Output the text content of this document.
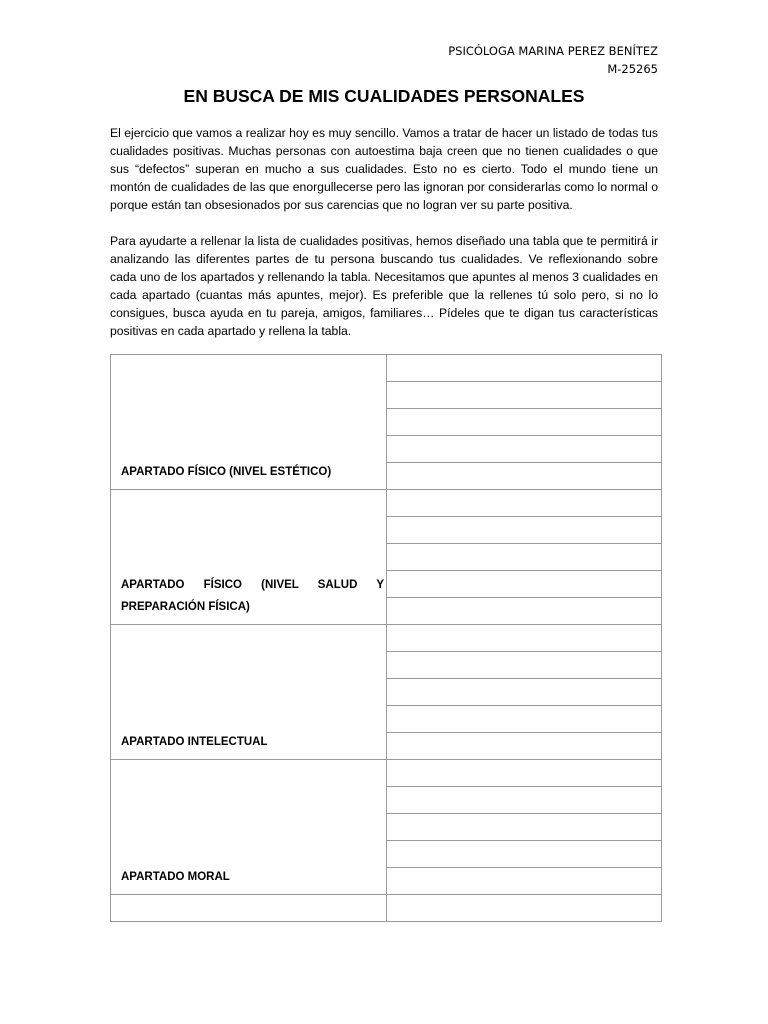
PSICÓLOGA MARINA PEREZ BENÍTEZ
M-25265
EN BUSCA DE MIS CUALIDADES PERSONALES

El ejercicio que vamos a realizar hoy es muy sencillo. Vamos a tratar de hacer un listado de todas tus cualidades positivas. Muchas personas con autoestima baja creen que no tienen cualidades o que sus “defectos” superan en mucho a sus cualidades. Esto no es cierto. Todo el mundo tiene un montón de cualidades de las que enorgullecerse pero las ignoran por considerarlas como lo normal o porque están tan obsesionados por sus carencias que no logran ver su parte positiva.

Para ayudarte a rellenar la lista de cualidades positivas, hemos diseñado una tabla que te permitirá ir analizando las diferentes partes de tu persona buscando tus cualidades. Ve reflexionando sobre cada uno de los apartados y rellenando la tabla. Necesitamos que apuntes al menos 3 cualidades en cada apartado (cuantas más apuntes, mejor). Es preferible que la rellenes tú solo pero, si no lo consigues, busca ayuda en tu pareja, amigos, familiares… Pídeles que te digan tus características positivas en cada apartado y rellena la tabla.

APARTADO FÍSICO (NIVEL ESTÉTICO)	

APARTADO FÍSICO (NIVEL SALUD Y PREPARACIÓN FÍSICA)	

APARTADO INTELECTUAL	

APARTADO MORAL	
